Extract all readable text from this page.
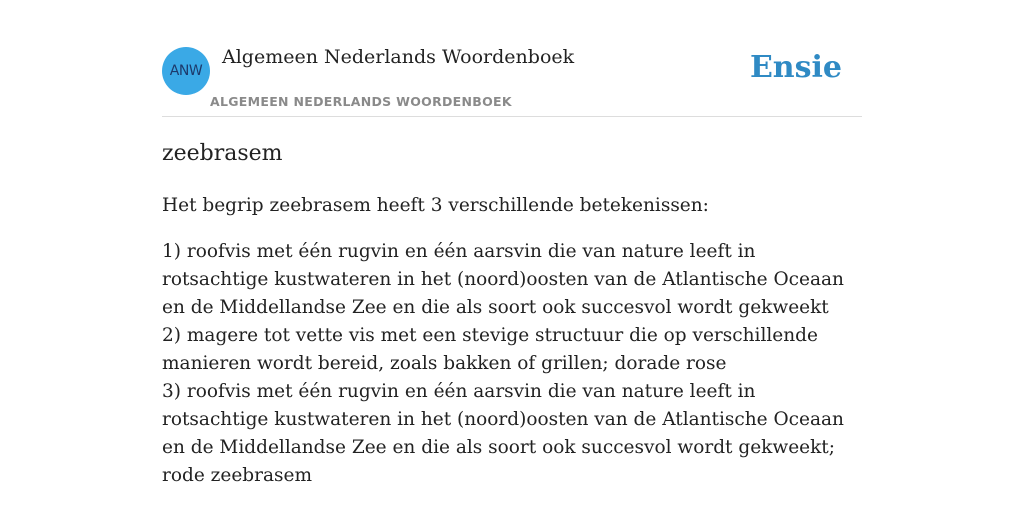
ANW
Algemeen Nederlands Woordenboek
ALGEMEEN NEDERLANDS WOORDENBOEK
Ensie
zeebrasem

Het begrip zeebrasem heeft 3 verschillende betekenissen:

1) roofvis met één rugvin en één aarsvin die van nature leeft in rotsachtige kustwateren in het (noord)oosten van de Atlantische Oceaan en de Middellandse Zee en die als soort ook succesvol wordt gekweekt

2) magere tot vette vis met een stevige structuur die op verschillende manieren wordt bereid, zoals bakken of grillen; dorade rose

3) roofvis met één rugvin en één aarsvin die van nature leeft in rotsachtige kustwateren in het (noord)oosten van de Atlantische Oceaan en de Middellandse Zee en die als soort ook succesvol wordt gekweekt; rode zeebrasem
